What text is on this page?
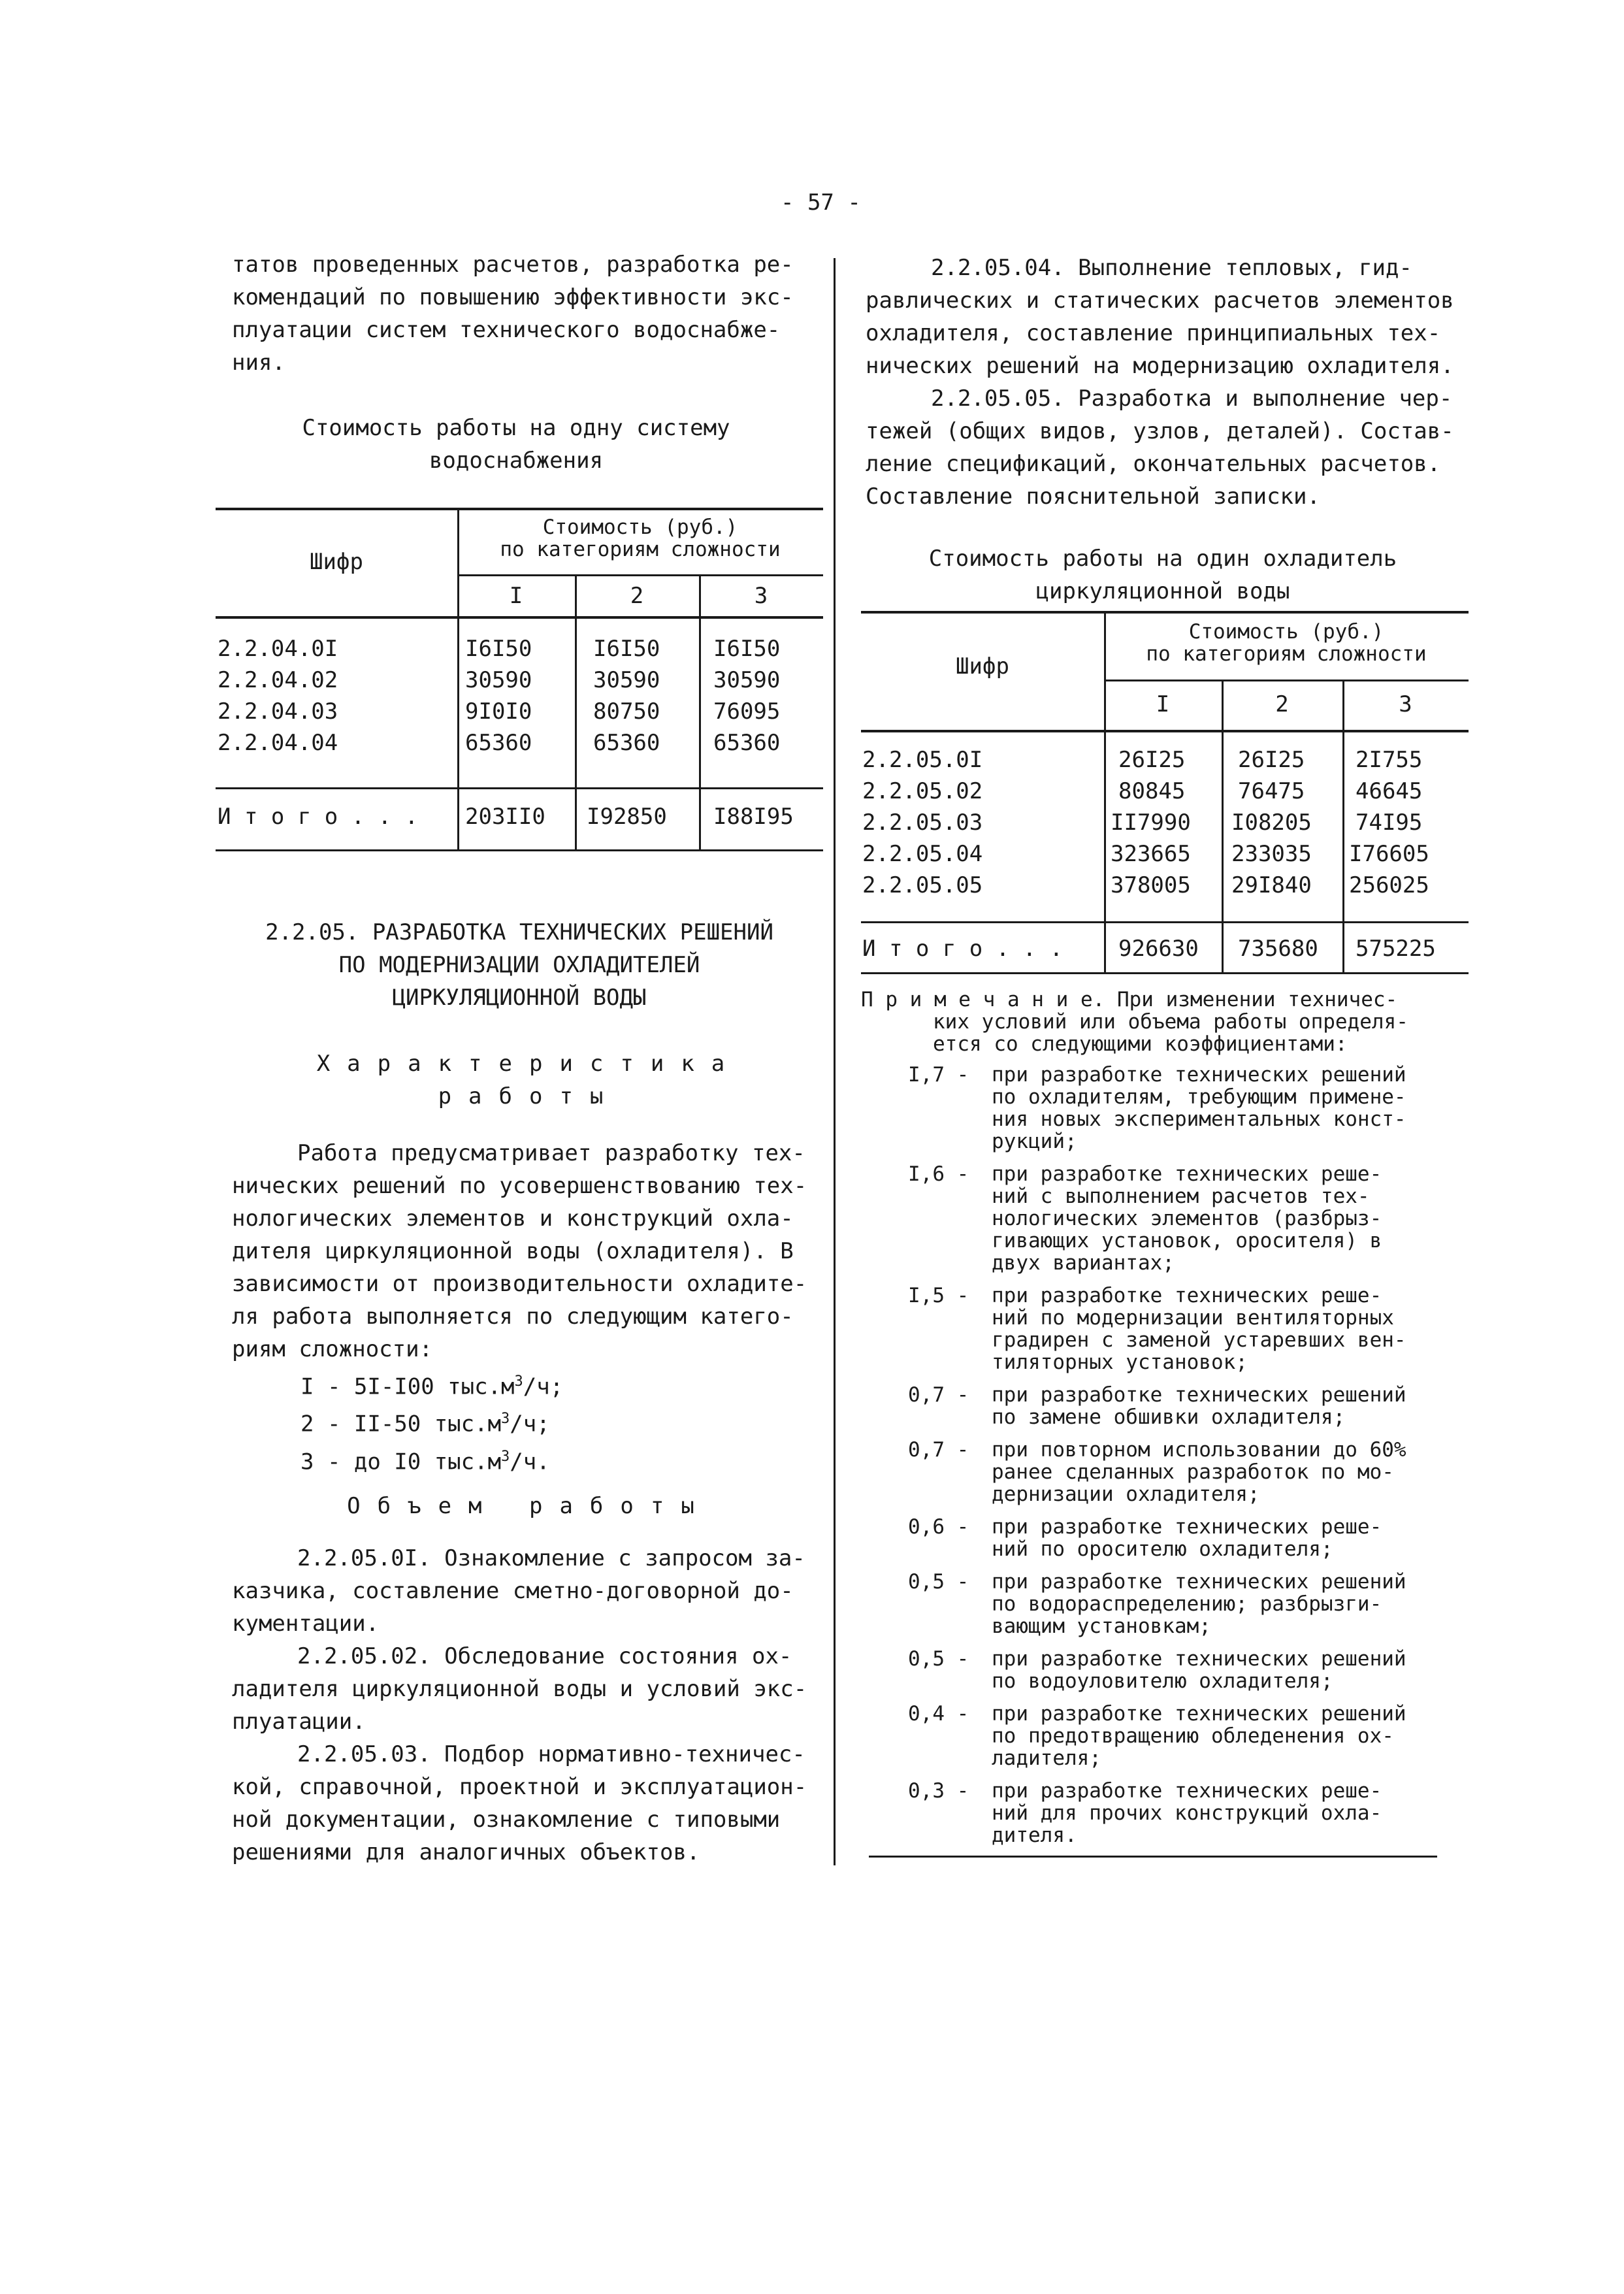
- 57 -
татов проведенных расчетов, разработка ре-
комендаций по повышению эффективности экс-
плуатации систем технического водоснабже-
ния.
Стоимость работы на одну систему
водоснабжения
Шифр
Стоимость (руб.)
по категориям сложности
I	2	3
2.2.04.0I	I6I50	I6I50 I6I50
2.2.04.02	30590	30590 30590
2.2.04.03	9I0I0	80750 76095
2.2.04.04	65360	65360 65360
И т о г о . . . 203II0 I92850 I88I95
2.2.05. РАЗРАБОТКА ТЕХНИЧЕСКИХ РЕШЕНИЙ
ПО МОДЕРНИЗАЦИИ ОХЛАДИТЕЛЕЙ
ЦИРКУЛЯЦИОННОЙ ВОДЫ
Характеристика
работы
Работа предусматривает разработку тех-
нических решений по усовершенствованию тех-
нологических элементов и конструкций охла-
дителя циркуляционной воды (охладителя). В
зависимости от производительности охладите-
ля работа выполняется по следующим катего-
риям сложности:
I - 5I-I00 $тыс.м^3/ч$;
2 - II-50 $тыс.м^3/ч$;
3 - до I0 $тыс.м^3/ч$.
Объем работы
2.2.05.0I. Ознакомление с запросом за-
казчика, составление сметно-договорной до-
кументации.
2.2.05.02. Обследование состояния ох-
ладителя циркуляционной воды и условий экс-
плуатации.
2.2.05.03. Подбор нормативно-техничес-
кой, справочной, проектной и эксплуатацион-
ной документации, ознакомление с типовыми
решениями для аналогичных объектов.
2.2.05.04. Выполнение тепловых, гид-
равлических и статических расчетов элементов
охладителя, составление принципиальных тех-
нических решений на модернизацию охладителя.
2.2.05.05. Разработка и выполнение чер-
тежей (общих видов, узлов, деталей). Состав-
ление спецификаций, окончательных расчетов.
Составление пояснительной записки.
Стоимость работы на один охладитель
циркуляционной воды
Шифр
Стоимость (руб.)
по категориям сложности
I	2	3
2.2.05.0I	26I25 26I25 2I755
2.2.05.02	80845 76475 46645
2.2.05.03	II7990 I08205 74I95
2.2.05.04	323665 233035 I76605
2.2.05.05	378005 29I840 256025
И т о г о . . . 926630 735680 575225
П р и м е ч а н и е. При изменении техничес-
ких условий или объема работы определя-
ется со следующими коэффициентами:
I,7 -	при разработке технических решений
по охладителям, требующим примене-
ния новых экспериментальных конст-
рукций;
I,6 -	при разработке технических реше-
ний с выполнением расчетов тех-
нологических элементов (разбрыз-
гивающих установок, оросителя) в
двух вариантах;
I,5 -	при разработке технических реше-
ний по модернизации вентиляторных
градирен с заменой устаревших вен-
тиляторных установок;
0,7 -	при разработке технических решений
по замене обшивки охладителя;
0,7 -	при повторном использовании до 60%
ранее сделанных разработок по мо-
дернизации охладителя;
0,6 -	при разработке технических реше-
ний по оросителю охладителя;
0,5 -	при разработке технических решений
по водораспределению; разбрызги-
вающим установкам;
0,5 -	при разработке технических решений
по водоуловителю охладителя;
0,4 -	при разработке технических решений
по предотвращению обледенения ох-
ладителя;
0,3 -	при разработке технических реше-
ний для прочих конструкций охла-
дителя.
